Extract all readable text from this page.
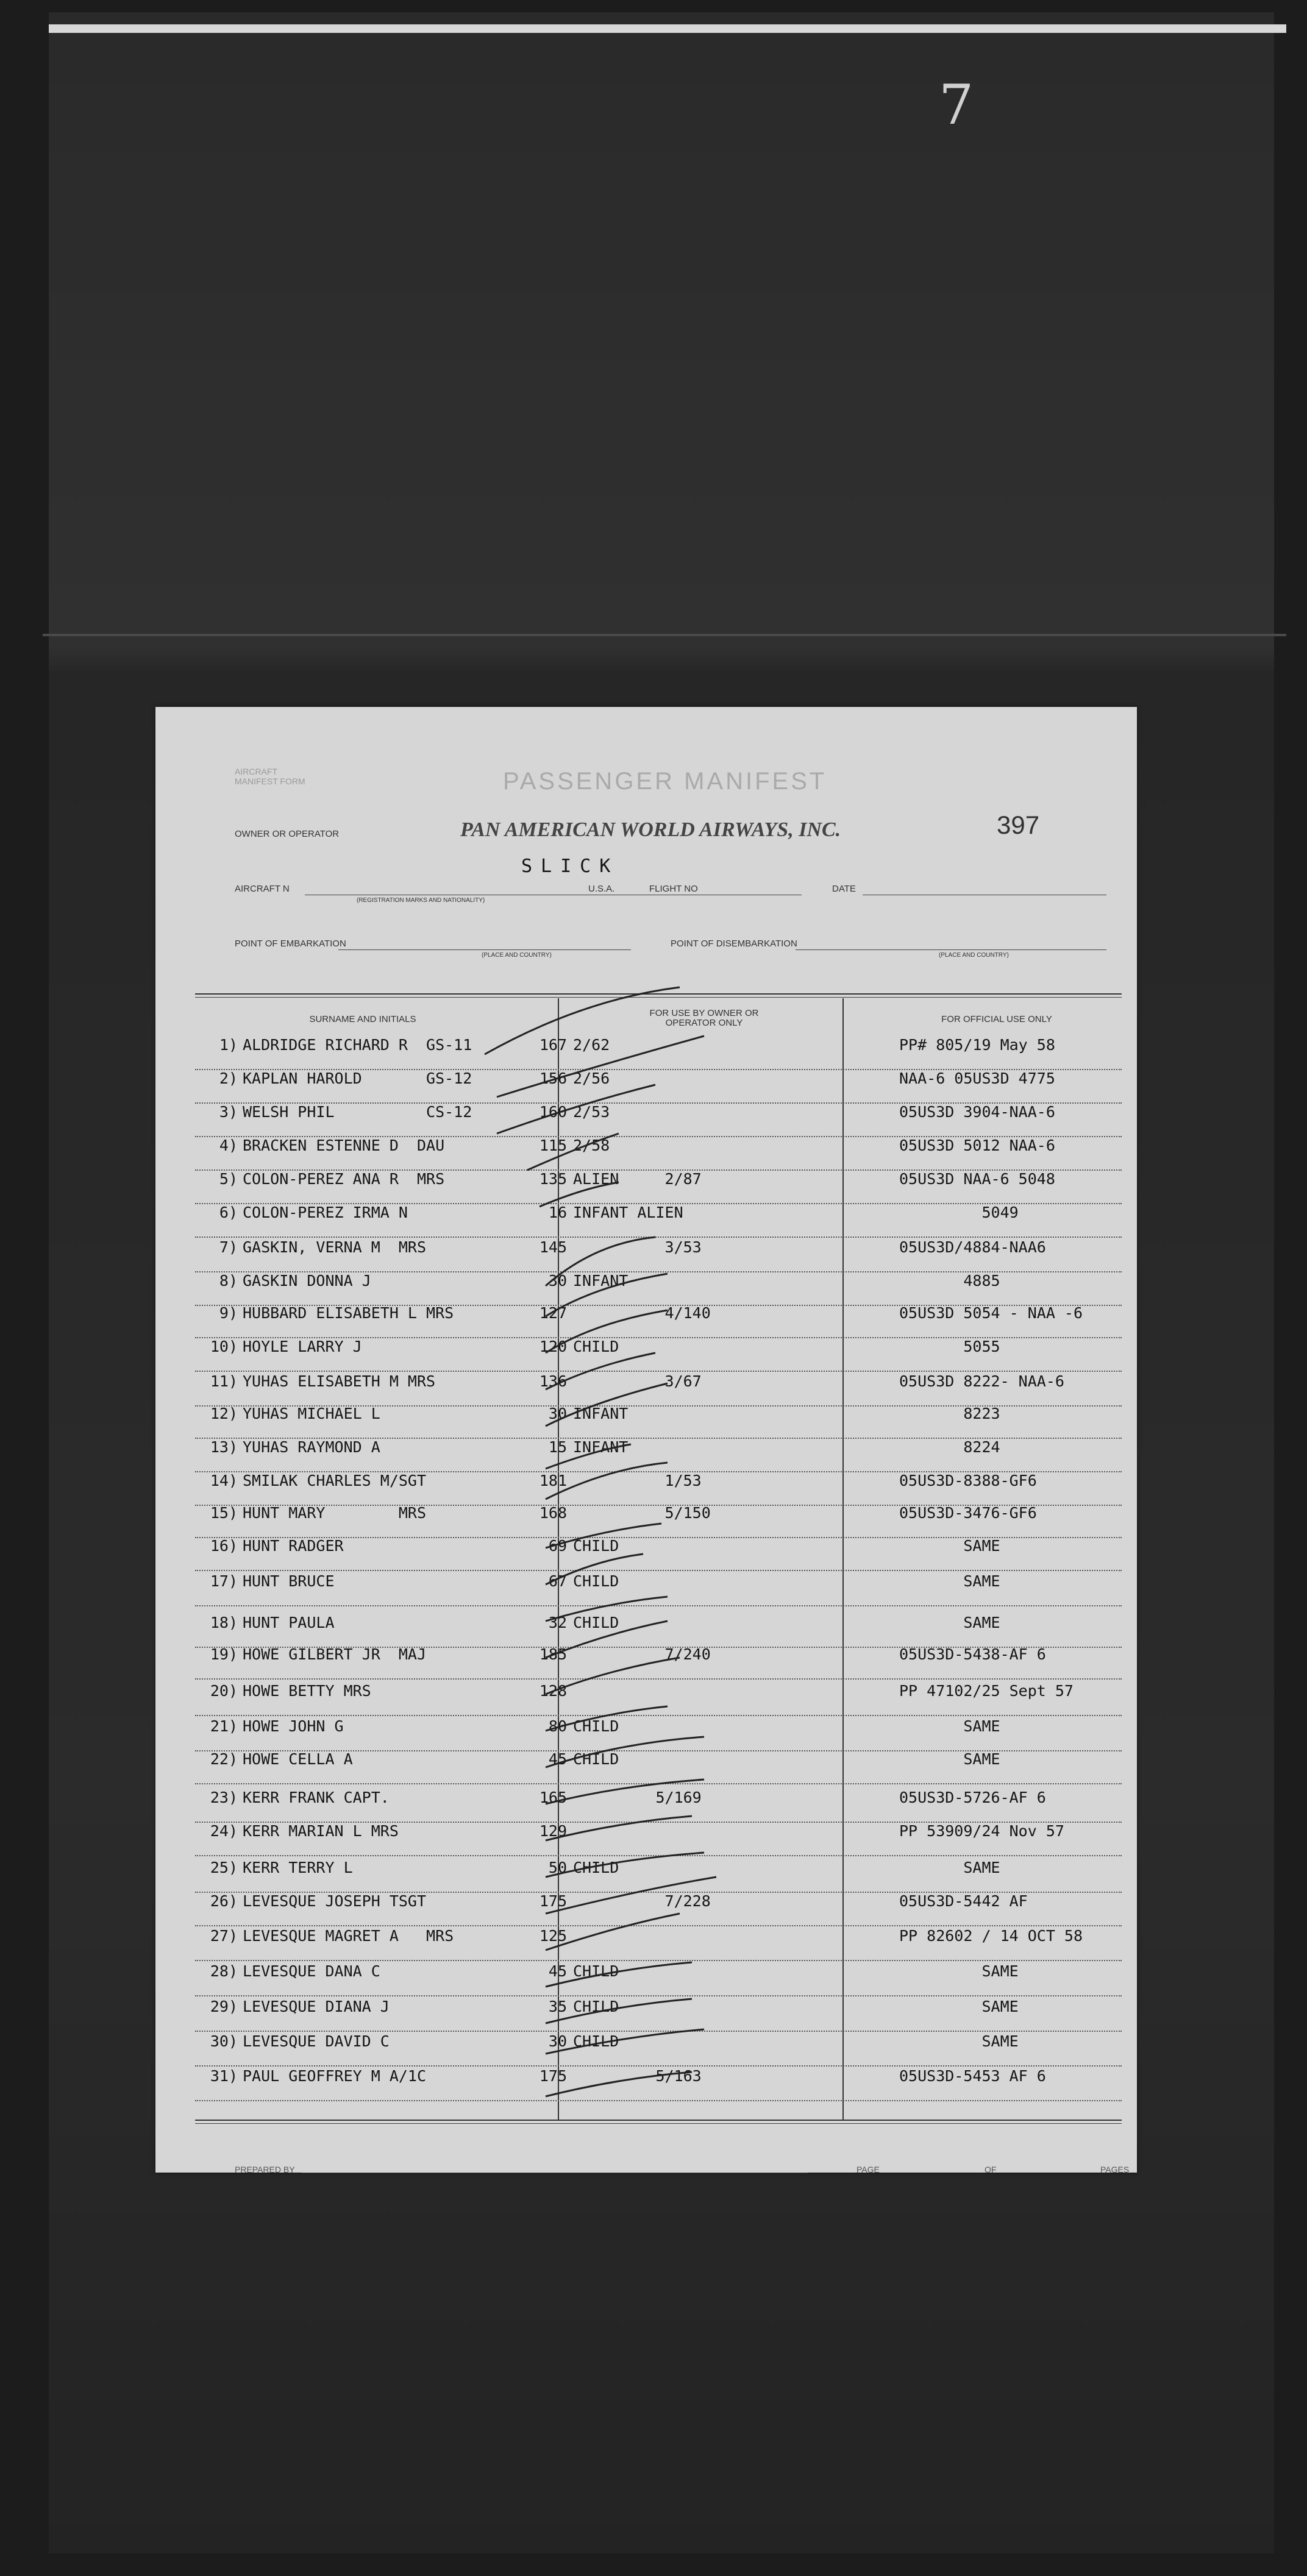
7
AIRCRAFT MANIFEST FORM	PASSENGER MANIFEST
OWNER OR OPERATOR	PAN AMERICAN WORLD AIRWAYS, INC.	397
SLICK
AIRCRAFT N
(REGISTRATION MARKS AND NATIONALITY)
U.S.A.	FLIGHT NO	DATE
POINT OF EMBARKATION
(PLACE AND COUNTRY)
POINT OF DISEMBARKATION
(PLACE AND COUNTRY)
SURNAME AND INITIALS
FOR USE BY OWNER OR OPERATOR ONLY	FOR OFFICIAL USE ONLY
1) ALDRIDGE RICHARD R  GS-11	167 2/62	PP# 805/19 May 58
2) KAPLAN HAROLD       GS-12	156 2/56	NAA-6 05US3D 4775
3) WELSH PHIL          CS-12	160 2/53	05US3D 3904-NAA-6
4) BRACKEN ESTENNE D  DAU	115 2/58	05US3D 5012 NAA-6
5) COLON-PEREZ ANA R  MRS	135 ALIEN     2/87	05US3D NAA-6 5048
6) COLON-PEREZ IRMA N	16 INFANT ALIEN	5049
7) GASKIN, VERNA M  MRS	145 3/53	05US3D/4884-NAA6
8) GASKIN DONNA J	30 INFANT	4885
9) HUBBARD ELISABETH L MRS	127 4/140	05US3D 5054 - NAA -6
10) HOYLE LARRY J	120 CHILD	5055
11) YUHAS ELISABETH M MRS	136 3/67	05US3D 8222- NAA-6
12) YUHAS MICHAEL L	30 INFANT	8223
13) YUHAS RAYMOND A	15 INFANT	8224
14) SMILAK CHARLES M/SGT	181 1/53	05US3D-8388-GF6
15) HUNT MARY        MRS	168 5/150	05US3D-3476-GF6
16) HUNT RADGER	69 CHILD	SAME
17) HUNT BRUCE	67 CHILD	SAME
18) HUNT PAULA	32 CHILD	SAME
19) HOWE GILBERT JR  MAJ	185 7/240	05US3D-5438-AF 6
20) HOWE BETTY MRS	128	PP 47102/25 Sept 57
21) HOWE JOHN G	80 CHILD	SAME
22) HOWE CELLA A	45 CHILD	SAME
23) KERR FRANK CAPT.	165 5/169	05US3D-5726-AF 6
24) KERR MARIAN L MRS	129	PP 53909/24 Nov 57
25) KERR TERRY L	50 CHILD	SAME
26) LEVESQUE JOSEPH TSGT	175 7/228	05US3D-5442 AF
27) LEVESQUE MAGRET A   MRS	125	PP 82602 / 14 OCT 58
28) LEVESQUE DANA C	45 CHILD	SAME
29) LEVESQUE DIANA J	35 CHILD	SAME
30) LEVESQUE DAVID C	30 CHILD	SAME
31) PAUL GEOFFREY M A/1C	175 5/163	05US3D-5453 AF 6
PREPARED BY	PAGE	OF	PAGES
